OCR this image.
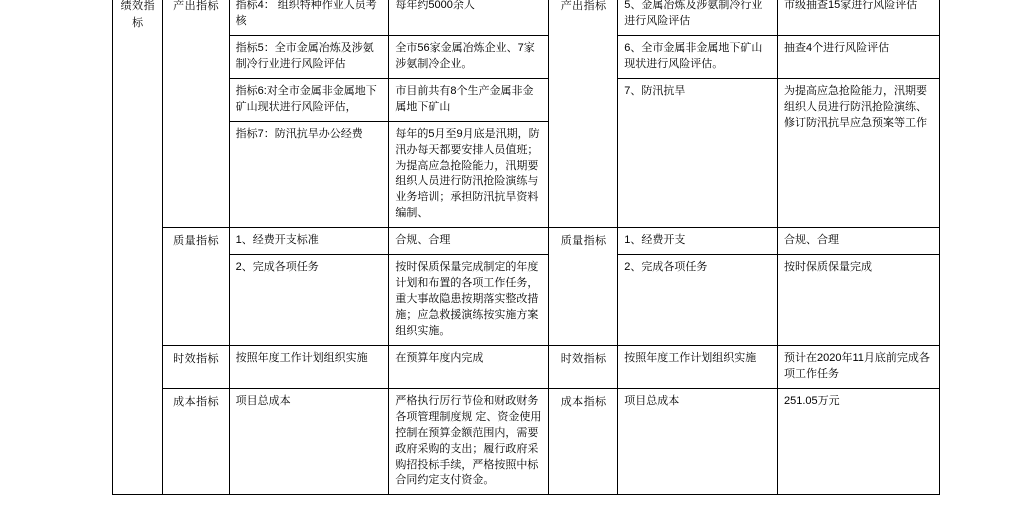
绩效指标	产出指标	指标4： 组织特种作业人员考核	每年约5000余人	产出指标	5、金属冶炼及涉氨制冷行业进行风险评估	市级抽查15家进行风险评估
		指标5：全市金属冶炼及涉氨制冷行业进行风险评估	全市56家金属冶炼企业、7家涉氨制冷企业。		6、全市金属非金属地下矿山现状进行风险评估。	抽查4个进行风险评估
		指标6:对全市金属非金属地下矿山现状进行风险评估，	市目前共有8个生产金属非金属地下矿山		7、防汛抗旱	为提高应急抢险能力，汛期要组织人员进行防汛抢险演练、修订防汛抗旱应急预案等工作
		指标7：防汛抗旱办公经费	每年的5月至9月底是汛期，防汛办每天都要安排人员值班；为提高应急抢险能力，汛期要组织人员进行防汛抢险演练与业务培训；承担防汛抗旱资料编制、			

	质量指标	1、经费开支标准	合规、合理	质量指标	1、经费开支	合规、合理
		2、完成各项任务	按时保质保量完成制定的年度计划和布置的各项工作任务，重大事故隐患按期落实整改措施；应急救援演练按实施方案 组织实施。		2、完成各项任务	按时保质保量完成

	时效指标	按照年度工作计划组织实施	在预算年度内完成	时效指标	按照年度工作计划组织实施	预计在2020年11月底前完成各项工作任务

	成本指标	项目总成本	严格执行厉行节俭和财政财务各项管理制度规 定、资金使用控制在预算金额范围内，需要政府采购的支出；履行政府采购招投标手续，严格按照中标合同约定支付资金。	成本指标	项目总成本	251.05万元
